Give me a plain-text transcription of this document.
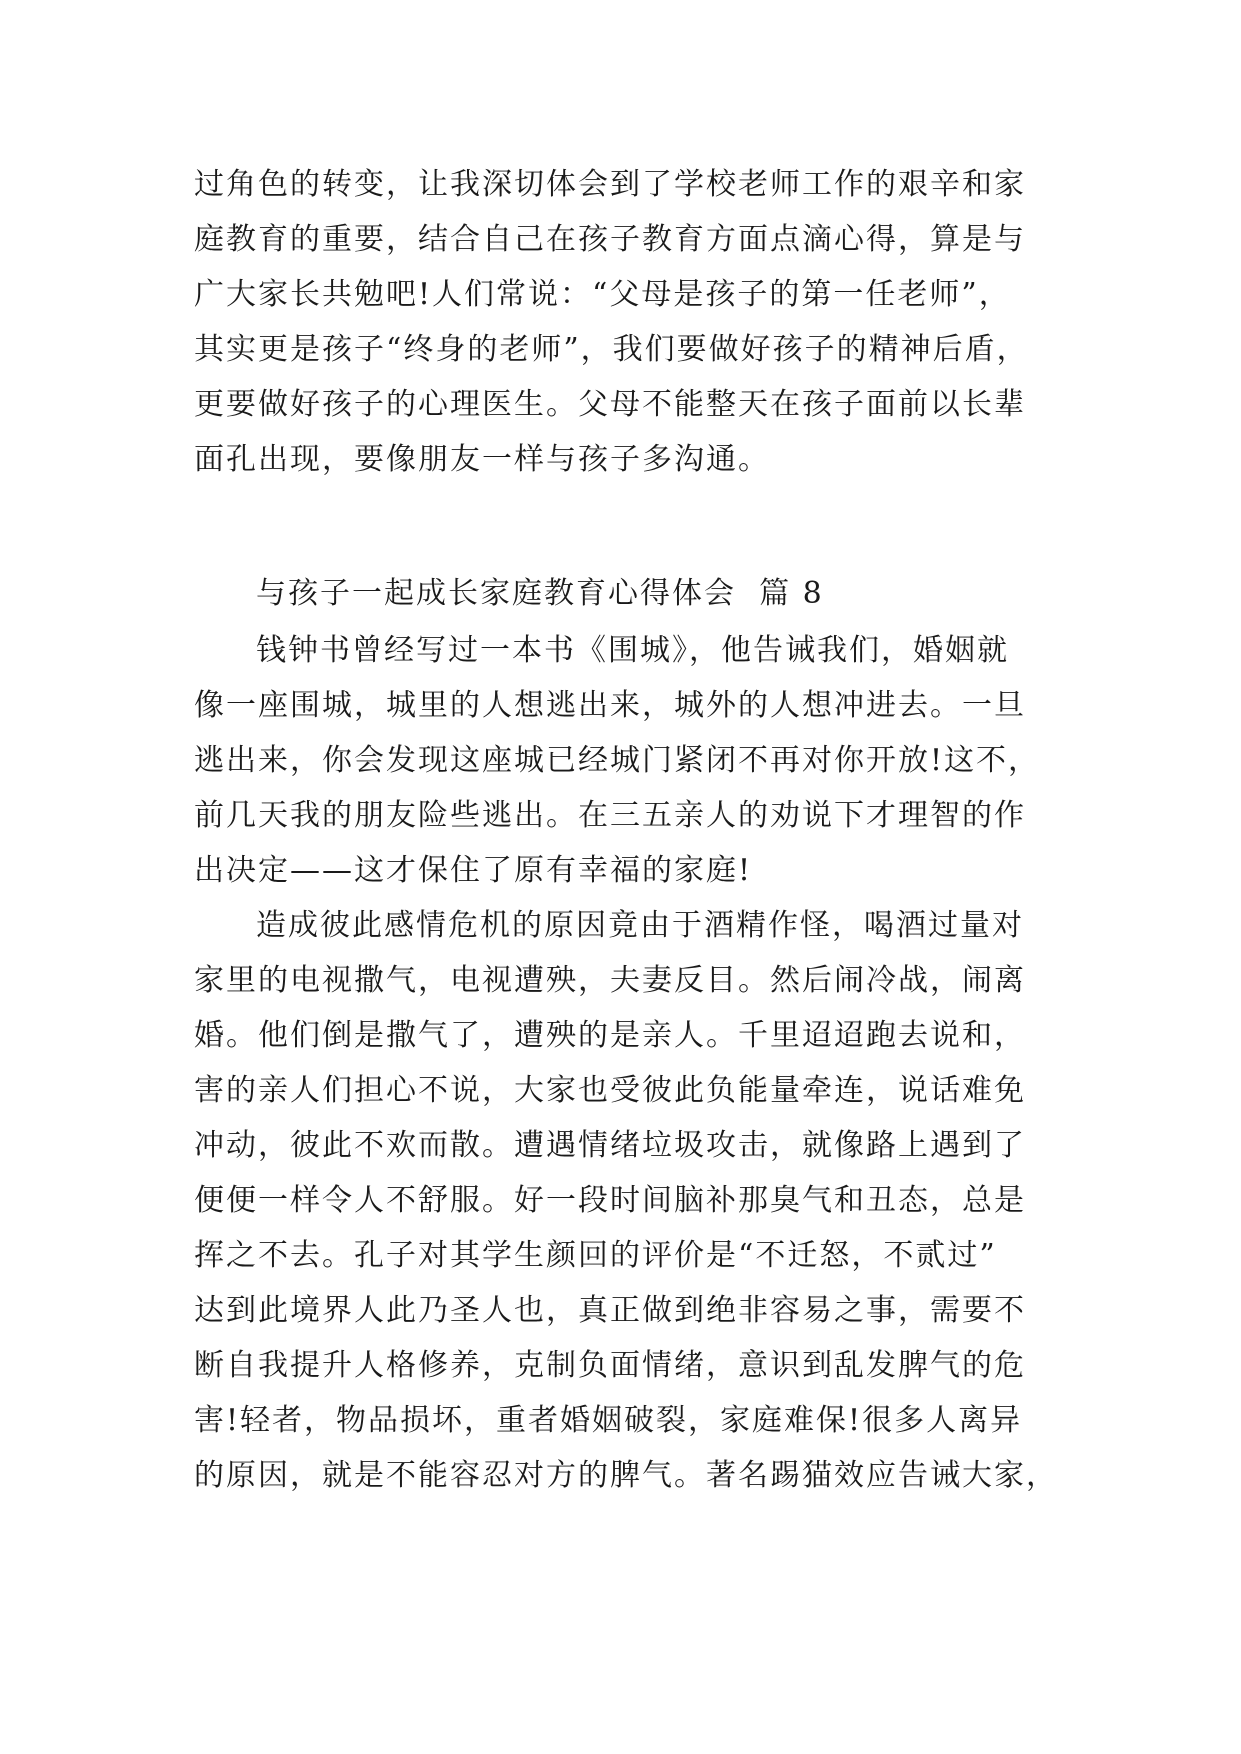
过角色的转变，让我深切体会到了学校老师工作的艰辛和家
庭教育的重要，结合自己在孩子教育方面点滴心得，算是与
广大家长共勉吧!人们常说：“父母是孩子的第一任老师”，
其实更是孩子“终身的老师”，我们要做好孩子的精神后盾，
更要做好孩子的心理医生。父母不能整天在孩子面前以长辈
面孔出现，要像朋友一样与孩子多沟通。
与孩子一起成长家庭教育心得体会  篇 8
钱钟书曾经写过一本书《围城》，他告诫我们，婚姻就
像一座围城，城里的人想逃出来，城外的人想冲进去。一旦
逃出来，你会发现这座城已经城门紧闭不再对你开放!这不，
前几天我的朋友险些逃出。在三五亲人的劝说下才理智的作
出决定——这才保住了原有幸福的家庭!
造成彼此感情危机的原因竟由于酒精作怪，喝酒过量对
家里的电视撒气，电视遭殃，夫妻反目。然后闹冷战，闹离
婚。他们倒是撒气了，遭殃的是亲人。千里迢迢跑去说和，
害的亲人们担心不说，大家也受彼此负能量牵连，说话难免
冲动，彼此不欢而散。遭遇情绪垃圾攻击，就像路上遇到了
便便一样令人不舒服。好一段时间脑补那臭气和丑态，总是
挥之不去。孔子对其学生颜回的评价是“不迁怒，不贰过”
达到此境界人此乃圣人也，真正做到绝非容易之事，需要不
断自我提升人格修养，克制负面情绪，意识到乱发脾气的危
害!轻者，物品损坏，重者婚姻破裂，家庭难保!很多人离异
的原因，就是不能容忍对方的脾气。著名踢猫效应告诫大家，
